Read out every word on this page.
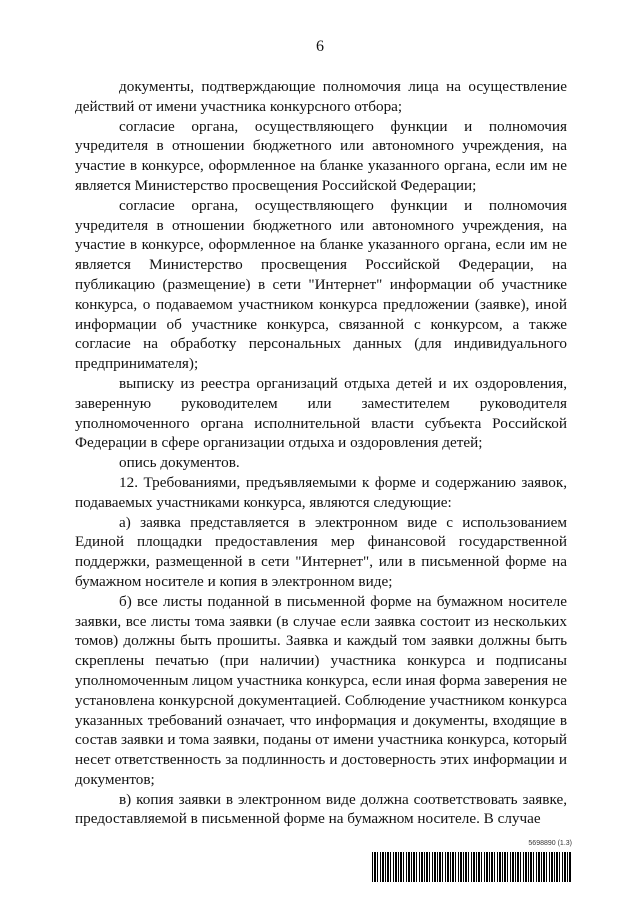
6

документы, подтверждающие полномочия лица на осуществление действий от имени участника конкурсного отбора;

согласие органа, осуществляющего функции и полномочия учредителя в отношении бюджетного или автономного учреждения, на участие в конкурсе, оформленное на бланке указанного органа, если им не является Министерство просвещения Российской Федерации;

согласие органа, осуществляющего функции и полномочия учредителя в отношении бюджетного или автономного учреждения, на участие в конкурсе, оформленное на бланке указанного органа, если им не является Министерство просвещения Российской Федерации, на публикацию (размещение) в сети "Интернет" информации об участнике конкурса, о подаваемом участником конкурса предложении (заявке), иной информации об участнике конкурса, связанной с конкурсом, а также согласие на обработку персональных данных (для индивидуального предпринимателя);

выписку из реестра организаций отдыха детей и их оздоровления, заверенную руководителем или заместителем руководителя уполномоченного органа исполнительной власти субъекта Российской Федерации в сфере организации отдыха и оздоровления детей;

опись документов.

12. Требованиями, предъявляемыми к форме и содержанию заявок, подаваемых участниками конкурса, являются следующие:

а) заявка представляется в электронном виде с использованием Единой площадки предоставления мер финансовой государственной поддержки, размещенной в сети "Интернет", или в письменной форме на бумажном носителе и копия в электронном виде;

б) все листы поданной в письменной форме на бумажном носителе заявки, все листы тома заявки (в случае если заявка состоит из нескольких томов) должны быть прошиты. Заявка и каждый том заявки должны быть скреплены печатью (при наличии) участника конкурса и подписаны уполномоченным лицом участника конкурса, если иная форма заверения не установлена конкурсной документацией. Соблюдение участником конкурса указанных требований означает, что информация и документы, входящие в состав заявки и тома заявки, поданы от имени участника конкурса, который несет ответственность за подлинность и достоверность этих информации и документов;

в) копия заявки в электронном виде должна соответствовать заявке, предоставляемой в письменной форме на бумажном носителе. В случае

5698890 (1.3)
